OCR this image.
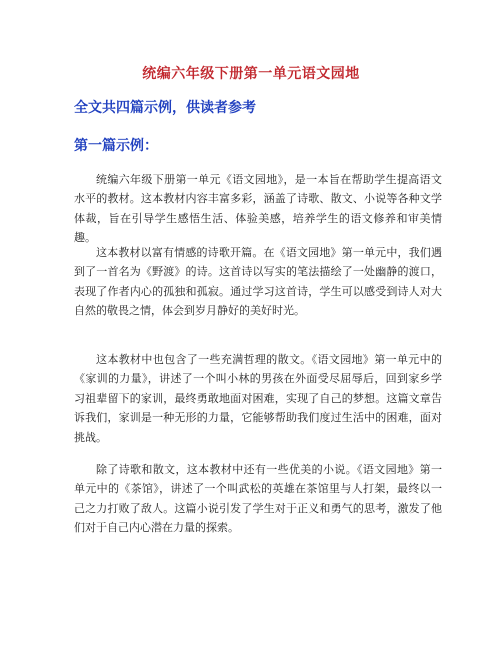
统编六年级下册第一单元语文园地
全文共四篇示例，供读者参考
第一篇示例：
统编六年级下册第一单元《语文园地》，是一本旨在帮助学生提高语文水平的教材。这本教材内容丰富多彩，涵盖了诗歌、散文、小说等各种文学体裁，旨在引导学生感悟生活、体验美感，培养学生的语文修养和审美情趣。
这本教材以富有情感的诗歌开篇。在《语文园地》第一单元中，我们遇到了一首名为《野渡》的诗。这首诗以写实的笔法描绘了一处幽静的渡口，表现了作者内心的孤独和孤寂。通过学习这首诗，学生可以感受到诗人对大自然的敬畏之情，体会到岁月静好的美好时光。
这本教材中也包含了一些充满哲理的散文。《语文园地》第一单元中的《家训的力量》，讲述了一个叫小林的男孩在外面受尽屈辱后，回到家乡学习祖辈留下的家训，最终勇敢地面对困难，实现了自己的梦想。这篇文章告诉我们，家训是一种无形的力量，它能够帮助我们度过生活中的困难，面对挑战。
除了诗歌和散文，这本教材中还有一些优美的小说。《语文园地》第一单元中的《茶馆》，讲述了一个叫武松的英雄在茶馆里与人打架，最终以一己之力打败了敌人。这篇小说引发了学生对于正义和勇气的思考，激发了他们对于自己内心潜在力量的探索。
